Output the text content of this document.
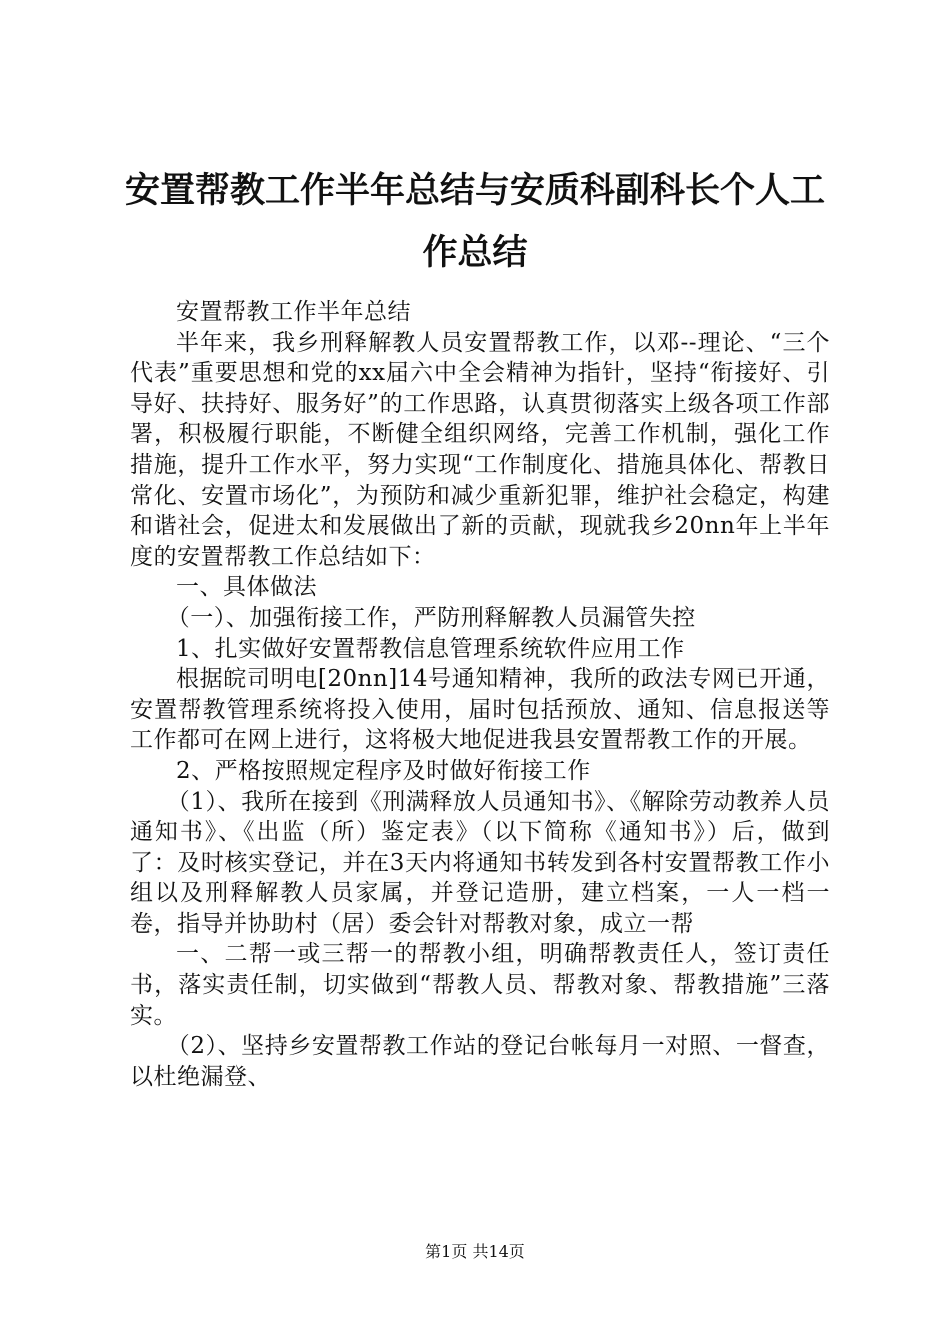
安置帮教工作半年总结与安质科副科长个人工作总结

安置帮教工作半年总结

半年来，我乡刑释解教人员安置帮教工作，以邓--理论、“三个代表”重要思想和党的xx届六中全会精神为指针，坚持“衔接好、引导好、扶持好、服务好”的工作思路，认真贯彻落实上级各项工作部署，积极履行职能，不断健全组织网络，完善工作机制，强化工作措施，提升工作水平，努力实现“工作制度化、措施具体化、帮教日常化、安置市场化”，为预防和减少重新犯罪，维护社会稳定，构建和谐社会，促进太和发展做出了新的贡献，现就我乡20nn年上半年度的安置帮教工作总结如下：

一、具体做法

（一）、加强衔接工作，严防刑释解教人员漏管失控

1、扎实做好安置帮教信息管理系统软件应用工作

根据皖司明电[20nn]14号通知精神，我所的政法专网已开通，安置帮教管理系统将投入使用，届时包括预放、通知、信息报送等工作都可在网上进行，这将极大地促进我县安置帮教工作的开展。

2、严格按照规定程序及时做好衔接工作

（1）、我所在接到《刑满释放人员通知书》、《解除劳动教养人员通知书》、《出监（所）鉴定表》（以下简称《通知书》）后，做到了：及时核实登记，并在3天内将通知书转发到各村安置帮教工作小组以及刑释解教人员家属，并登记造册，建立档案，一人一档一卷，指导并协助村（居）委会针对帮教对象，成立一帮

一、二帮一或三帮一的帮教小组，明确帮教责任人，签订责任书，落实责任制，切实做到“帮教人员、帮教对象、帮教措施”三落实。

（2）、坚持乡安置帮教工作站的登记台帐每月一对照、一督查，以杜绝漏登、

第1页 共14页
